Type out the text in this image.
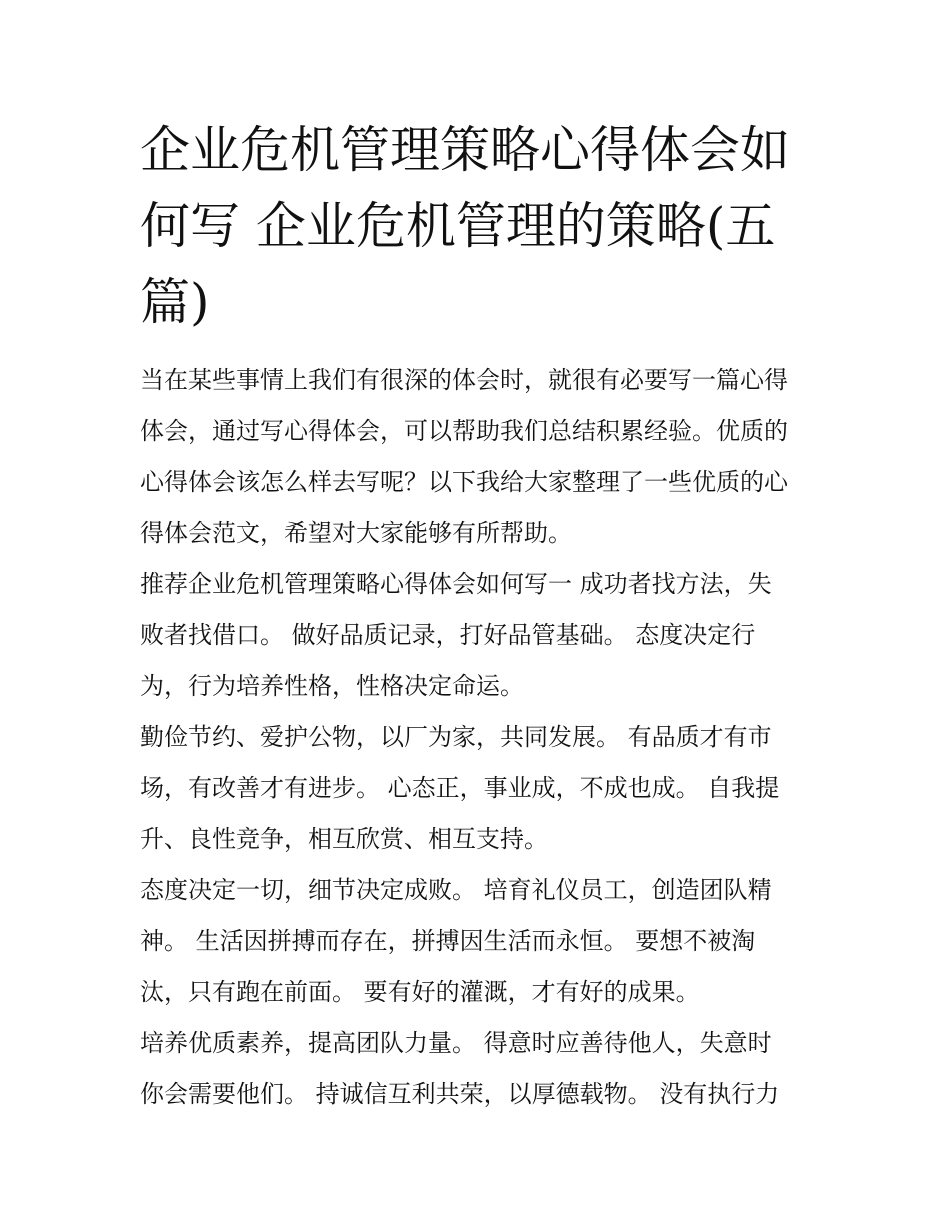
企业危机管理策略心得体会如
何写 企业危机管理的策略(五
篇)

当在某些事情上我们有很深的体会时，就很有必要写一篇心得
体会，通过写心得体会，可以帮助我们总结积累经验。优质的
心得体会该怎么样去写呢？以下我给大家整理了一些优质的心
得体会范文，希望对大家能够有所帮助。

推荐企业危机管理策略心得体会如何写一 成功者找方法，失
败者找借口。 做好品质记录，打好品管基础。 态度决定行
为，行为培养性格，性格决定命运。

勤俭节约、爱护公物，以厂为家，共同发展。 有品质才有市
场，有改善才有进步。 心态正，事业成，不成也成。 自我提
升、良性竞争，相互欣赏、相互支持。

态度决定一切，细节决定成败。 培育礼仪员工，创造团队精
神。 生活因拼搏而存在，拼搏因生活而永恒。 要想不被淘
汰，只有跑在前面。 要有好的灌溉，才有好的成果。

培养优质素养，提高团队力量。 得意时应善待他人，失意时
你会需要他们。 持诚信互利共荣，以厚德载物。 没有执行力
